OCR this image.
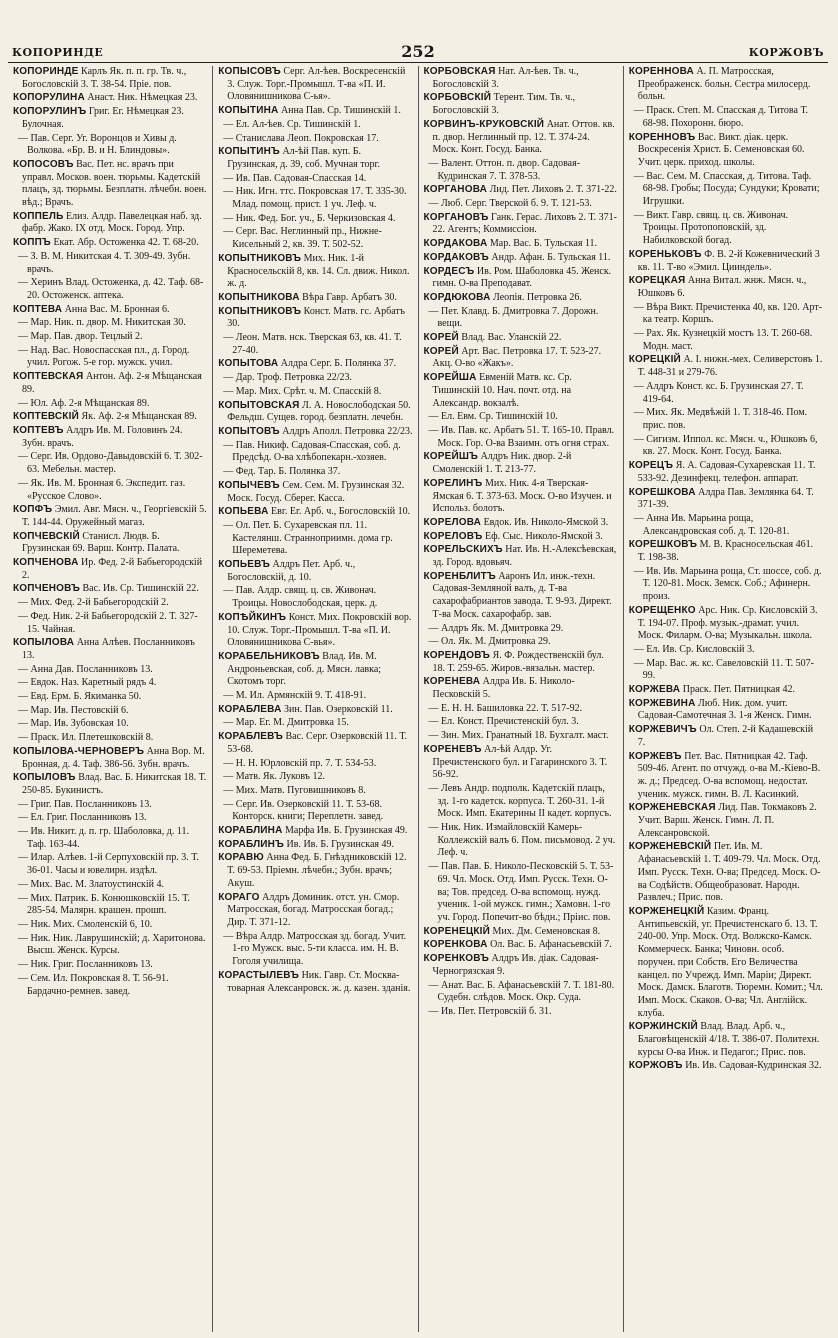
КОПОРИНДЕ	252	КОРЖОВЪ
КОПОРИНДЕ Карлъ Як. п. п. гр. Тв. ч., Богословскій 3. Т. 38-54. Пріе. пов.
КОПОРУЛИНА Анаст. Ник. Нѣмецкая 23.
КОПОРУЛИНЪ Григ. Ег. Нѣмецкая 23. Булочная.
— Пав. Серг. Уг. Воронцов и Хивы д. Волкова. «Бр. В. и Н. Блиндовы».
КОПОСОВЪ Вас. Пет. нс. врачъ при управл. Москов. воен. тюрьмы. Кадетскій плацъ, зд. тюрьмы. Безплатн. лѣчебн. воен. вѣд.; Врачъ.
КОППЕЛЬ Елиз. Алдр. Павелецкая наб. зд. фабр. Жако. IX отд. Моск. Город. Упр.
КОППЪ Екат. Абр. Остоженка 42. Т. 68-20.
— З. В. М. Никитская 4. Т. 309-49. Зубн. врачъ.
— Херинъ Влад. Остоженка, д. 42. Таф. 68-20. Остоженск. аптека.
КОПТЕВА Анна Вас. М. Бронная 6.
— Мар. Ник. п. двор. М. Никитская 30.
— Мар. Пав. двор. Тецлый 2.
— Над. Вас. Новоспасская пл., д. Город. учил. Рогож. 5-е гор. мужск. учил.
КОПТЕВСКАЯ Антон. Аф. 2-я Мѣщанская 89.
— Юл. Аф. 2-я Мѣщанская 89.
КОПТЕВСКІЙ Як. Аф. 2-я Мѣщанская 89.
КОПТЕВЪ Алдръ Ив. М. Головинъ 24. Зубн. врачъ.
— Серг. Ив. Ордово-Давыдовскій 6. Т. 302-63. Мебельн. мастер.
— Як. Ив. М. Бронная 6. Экспедит. газ. «Русское Слово».
КОПФЪ Эмил. Авг. Мясн. ч., Георгіевскій 5. Т. 144-44. Оружейный магаз.
КОПЧЕВСКІЙ Станисл. Людв. Б. Грузинская 69. Варш. Контр. Палата.
КОПЧЕНОВА Ир. Фед. 2-й Бабьегородскій 2.
КОПЧЕНОВЪ Вас. Ив. Ср. Тишинскій 22.
— Мих. Фед. 2-й Бабьегородскій 2.
— Фед. Ник. 2-й Бабьегородскій 2. Т. 327-15. Чайная.
КОПЫЛОВА Анна Алѣев. Посланниковъ 13.
— Анна Дав. Посланниковъ 13.
— Евдок. Наз. Каретный рядъ 4.
— Евд. Ерм. Б. Якиманка 50.
— Мар. Ив. Пестовскій 6.
— Мар. Ив. Зубовская 10.
— Праск. Ил. Плетешковскій 8.
КОПЫЛОВА-ЧЕРНОВЕРЪ Анна Вор. М. Бронная, д. 4. Таф. 386-56. Зубн. врачъ.
КОПЫЛОВЪ Влад. Вас. Б. Никитская 18. Т. 250-85. Букинистъ.
— Григ. Пав. Посланниковъ 13.
— Ел. Григ. Посланниковъ 13.
— Ив. Никит. д. п. гр. Шаболовка, д. 11. Таф. 163-44.
— Илар. Алѣев. 1-й Серпуховскій пр. 3. Т. 36-01. Часы и ювелирн. издѣл.
— Мих. Вас. М. Златоустинскій 4.
— Мих. Патрик. Б. Конюшковскій 15. Т. 285-54. Малярн. крашен. прошп.
— Ник. Мих. Смоленскій 6, 10.
— Ник. Ник. Лаврушинскій; д. Харитонова. Высш. Женск. Курсы.
— Ник. Григ. Посланниковъ 13.
— Сем. Ил. Покровская 8. Т. 56-91. Бардачно-ремнев. завед.
КОПЫСОВЪ Серг. Ал-ѣев. Воскресенскій 3. Служ. Торг.-Промышл. Т-ва «П. И. Оловянишникова С-ья».
КОПЫТИНА Анна Пав. Ср. Тишинскій 1.
— Ел. Ал-ѣев. Ср. Тишинскій 1.
— Станислава Леоп. Покровская 17.
КОПЫТИНЪ Ал-ѣй Пав. куп. Б. Грузинская, д. 39, соб. Мучная торг.
— Ив. Пав. Садовая-Спасская 14.
— Ник. Игн. ттс. Покровская 17. Т. 335-30. Млад. помощ. прист. 1 уч. Леф. ч.
— Ник. Фед. Бог. уч., Б. Черкизовская 4.
— Серг. Вас. Неглинный пр., Нижне-Кисельный 2, кв. 39. Т. 502-52.
КОПЫТНИКОВЪ Мих. Ник. 1-й Красносельскій 8, кв. 14. Сл. движ. Никол. ж. д.
КОПЫТНИКОВА Вѣра Гавр. Арбатъ 30.
КОПЫТНИКОВЪ Конст. Матв. гс. Арбатъ 30.
— Леон. Матв. нск. Тверская 63, кв. 41. Т. 27-40.
КОПЫТОВА Алдра Серг. Б. Полянка 37.
— Дар. Троф. Петровка 22/23.
— Мар. Мих. Срѣт. ч. М. Спасскій 8.
КОПЫТОВСКАЯ Л. А. Новослободская 50. Фельдш. Сущев. город. безплатн. лечебн.
КОПЫТОВЪ Алдръ Аполл. Петровка 22/23.
— Пав. Никиф. Садовая-Спасская, соб. д. Предсѣд. О-ва хлѣбопекарн.-хозяев.
— Фед. Тар. Б. Полянка 37.
КОПЫЧЕВЪ Сем. Сем. М. Грузинская 32. Моск. Госуд. Сберег. Касса.
КОПЬЕВА Евг. Ег. Арб. ч., Богословскій 10.
— Ол. Пет. Б. Сухаревская пл. 11. Кастелянш. Странноприимн. дома гр. Шереметева.
КОПЬЕВЪ Алдръ Пет. Арб. ч., Богословскій, д. 10.
— Пав. Алдр. свящ. ц. св. Живонач. Троицы. Новослободская, церк. д.
КОПѢЙКИНЪ Конст. Мих. Покровскій вор. 10. Служ. Торг.-Промышл. Т-ва «П. И. Оловянишникова С-вья».
КОРАБЕЛЬНИКОВЪ Влад. Ив. М. Андроньевская, соб. д. Мясн. лавка; Скотомъ торг.
— М. Ил. Армянскій 9. Т. 418-91.
КОРАБЛЕВА Зин. Пав. Озерковскій 11.
— Мар. Ег. М. Дмитровка 15.
КОРАБЛЕВЪ Вас. Серг. Озерковскій 11. Т. 53-68.
— Н. Н. Юрловскій пр. 7. Т. 534-53.
— Матв. Як. Луковъ 12.
— Мих. Матв. Пуговишниковъ 8.
— Серг. Ив. Озерковскій 11. Т. 53-68. Конторск. книги; Переплетн. завед.
КОРАБЛИНА Марфа Ив. Б. Грузинская 49.
КОРАБЛИНЪ Ив. Ив. Б. Грузинская 49.
КОРАВЮ Анна Фед. Б. Гнѣздниковскій 12. Т. 69-53. Пріемн. лѣчебн.; Зубн. врачъ; Акуш.
КОРАГО Алдръ Доминик. отст. ун. Смор. Матросская, богад. Матросская богад.; Дир. Т. 371-12.
— Вѣра Алдр. Матросская зд. богад. Учит. 1-го Мужск. выс. 5-ти класса. им. Н. В. Гоголя училища.
КОРАСТЫЛЕВЪ Ник. Гавр. Ст. Москва-товарная Алексанровск. ж. д. казен. зданія.
КОРБОВСКАЯ Нат. Ал-ѣев. Тв. ч., Богословскій 3.
КОРБОВСКІЙ Терент. Тим. Тв. ч., Богословскій 3.
КОРВИНЪ-КРУКОВСКІЙ Анат. Оттов. кв. п. двор. Неглинный пр. 12. Т. 374-24. Моск. Конт. Госуд. Банка.
— Валент. Оттон. п. двор. Садовая-Кудринская 7. Т. 378-53.
КОРГАНОВА Лид. Пет. Лиховъ 2. Т. 371-22.
— Люб. Серг. Тверской б. 9. Т. 121-53.
КОРГАНОВЪ Ганк. Герас. Лиховъ 2. Т. 371-22. Агентъ; Коммиссіон.
КОРДАКОВА Мар. Вас. Б. Тульская 11.
КОРДАКОВЪ Андр. Афан. Б. Тульская 11.
КОРДЕСЪ Ив. Ром. Шаболовка 45. Женск. гимн. О-ва Преподават.
КОРДЮКОВА Леопія. Петровка 26.
— Пет. Клавд. Б. Дмитровка 7. Дорожн. вещи.
КОРЕЙ Влад. Вас. Уланскій 22.
КОРЕЙ Арт. Вас. Петровка 17. Т. 523-27. Акц. О-во «Жакъ».
КОРЕЙША Евменій Матв. кс. Ср. Тишинскій 10. Нач. почт. отд. на Александр. вокзалѣ.
— Ел. Евм. Ср. Тишинскій 10.
— Ив. Пав. кс. Арбатъ 51. Т. 165-10. Правл. Моск. Гор. О-ва Взаимн. отъ огня страх.
КОРЕЙШЪ Алдръ Ник. двор. 2-й Смоленскій 1. Т. 213-77.
КОРЕЛИНЪ Мих. Ник. 4-я Тверская-Ямская 6. Т. 373-63. Моск. О-во Изучен. и Использ. болотъ.
КОРЕЛОВА Евдок. Ив. Николо-Ямской 3.
КОРЕЛОВЪ Еф. Сыс. Николо-Ямской 3.
КОРЕЛЬСКИХЪ Нат. Ив. Н.-Алексѣевская, зд. Город. вдовьяч.
КОРЕНБЛИТЪ Ааронъ Ил. инж.-техн. Садовая-Земляной валъ, д. Т-ва сахарофабриантов завода. Т. 9-93. Директ. Т-ва Моск. сахарофабр. зав.
— Алдръ Як. М. Дмитровка 29.
— Ол. Як. М. Дмитровка 29.
КОРЕНДОВЪ Я. Ф. Рождественскій бул. 18. Т. 259-65. Жиров.-вязальн. мастер.
КОРЕНЕВА Алдра Ив. Б. Николо-Песковскій 5.
— Е. Н. Н. Башиловка 22. Т. 517-92.
— Ел. Конст. Пречистенскій бул. 3.
— Зин. Мих. Гранатный 18. Бухгалт. маст.
КОРЕНЕВЪ Ал-ѣй Алдр. Уг. Пречистенского бул. и Гагаринского 3. Т. 56-92.
— Левъ Андр. подполк. Кадетскій плацъ, зд. 1-го кадетск. корпуса. Т. 260-31. 1-й Моск. Имп. Екатерины II кадет. корпусъ.
— Ник. Ник. Измайловскій Камерь-Коллежскій валъ 6. Пом. письмовод. 2 уч. Леф. ч.
— Пав. Пав. Б. Николо-Песковскій 5. Т. 53-69. Чл. Моск. Отд. Имп. Русск. Техн. О-ва; Тов. председ. О-ва вспомощ. нужд. ученик. 1-ой мужск. гимн.; Хамовн. 1-го уч. Город. Попечит-во бѣдн.; Пріис. пов.
КОРЕНЕЦКІЙ Мих. Дм. Семеновская 8.
КОРЕНКОВА Ол. Вас. Б. Афанасьевскій 7.
КОРЕНКОВЪ Алдръ Ив. дiак. Садовая-Черногрязская 9.
— Анат. Вас. Б. Афанасьевскій 7. Т. 181-80. Судебн. слѣдов. Моск. Окр. Суда.
— Ив. Пет. Петровскій б. 31.
КОРЕННОВА А. П. Матросская, Преображенск. больн. Сестра милосерд. больн.
— Праск. Степ. М. Спасская д. Титова Т. 68-98. Похоронн. бюро.
КОРЕННОВЪ Вас. Викт. дiак. церк. Воскресенія Христ. Б. Семеновская 60. Учит. церк. приход. школы.
— Вас. Сем. М. Спасская, д. Титова. Таф. 68-98. Гробы; Посуда; Сундуки; Кровати; Игрушки.
— Викт. Гавр. свящ. ц. св. Живонач. Троицы. Протопоповскій, зд. Набилковской богад.
КОРЕНЬКОВЪ Ф. В. 2-й Кожевнический 3 кв. 11. Т-во «Эмил. Цииндель».
КОРЕЦКАЯ Анна Витал. жнж. Мясн. ч., Юшковъ 6.
— Вѣра Викт. Пречистенка 40, кв. 120. Арт-ка театр. Коршъ.
— Рах. Як. Кузнецкій мостъ 13. Т. 260-68. Модн. маст.
КОРЕЦКІЙ А. І. нижн.-мех. Селиверстовъ 1. Т. 448-31 и 279-76.
— Алдръ Конст. кс. Б. Грузинская 27. Т. 419-64.
— Мих. Як. Медвѣжій 1. Т. 318-46. Пом. прис. пов.
— Сигизм. Иппол. кс. Мясн. ч., Юшковъ 6, кв. 27. Моск. Конт. Госуд. Банка.
КОРЕЦЪ Я. А. Садовая-Сухаревская 11. Т. 533-92. Дезинфекц. телефон. аппарат.
КОРЕШКОВА Алдра Пав. Землянка 64. Т. 371-39.
— Анна Ив. Марьина роща, Александровская соб. д. Т. 120-81.
КОРЕШКОВЪ М. В. Красносельская 461. Т. 198-38.
— Ив. Ив. Марьина роща, Ст. шоссе, соб. д. Т. 120-81. Моск. Земск. Соб.; Афинерн. произ.
КОРЕЩЕНКО Арс. Ник. Ср. Кисловскій 3. Т. 194-07. Проф. музык.-драмат. учил. Моск. Филарм. О-ва; Музыкальн. школа.
— Ел. Ив. Ср. Кисловскій 3.
— Мар. Вас. ж. кс. Савеловскій 11. Т. 507-99.
КОРЖЕВА Праск. Пет. Пятницкая 42.
КОРЖЕВИНА Люб. Ник. дом. учит. Садовая-Самотечная 3. 1-я Женск. Гимн.
КОРЖЕВИЧЪ Ол. Степ. 2-й Кадашевскій 7.
КОРЖЕВЪ Пет. Вас. Пятницкая 42. Таф. 509-46. Агент. по отчужд. о-ва М.-Кіево-В. ж. д.; Председ. О-ва вспомощ. недостат. ученик. мужск. гимн. В. Л. Касинкий.
КОРЖЕНЕВСКАЯ Лид. Пав. Токмаковъ 2. Учит. Варш. Женск. Гимн. Л. П. Алексанровской.
КОРЖЕНЕВСКІЙ Пет. Ив. М. Афанасьевскій 1. Т. 409-79. Чл. Моск. Отд. Имп. Русск. Техн. О-ва; Председ. Моск. О-ва Содѣйств. Общеобразоват. Народн. Развлеч.; Прис. пов.
КОРЖЕНЕЦКІЙ Казим. Франц. Антипьевскій, уг. Пречистенскаго б. 13. Т. 240-00. Упр. Моск. Отд. Волжско-Камск. Коммерческ. Банка; Чиновн. особ. поручен. при Собств. Его Величества канцел. по Учрежд. Имп. Маріи; Директ. Моск. Дамск. Благотв. Тюремн. Комит.; Чл. Имп. Моск. Скаков. О-ва; Чл. Англійск. клуба.
КОРЖИНСКІЙ Влад. Влад. Арб. ч., Благовѣщенскій 4/18. Т. 386-07. Политехн. курсы О-ва Инж. и Педагог.; Прис. пов.
КОРЖОВЪ Ив. Ив. Садовая-Кудринская 32.
